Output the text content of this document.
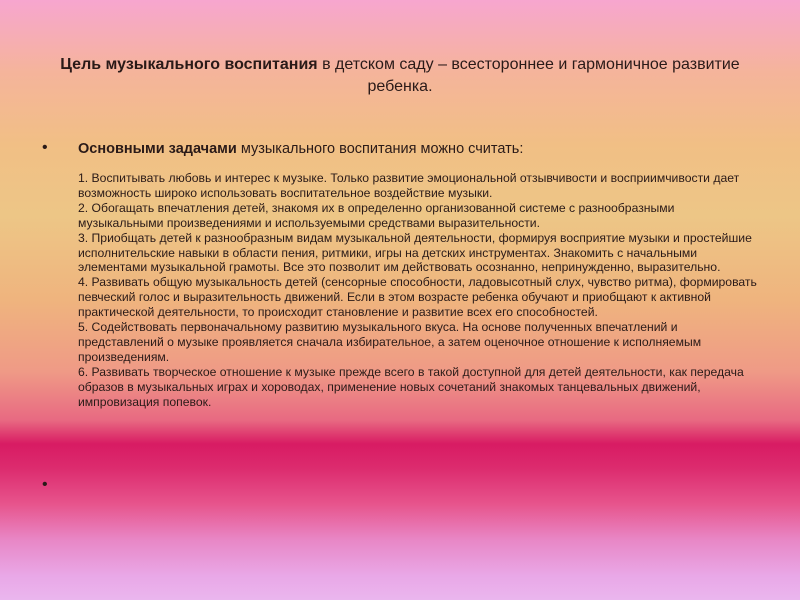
Цель музыкального воспитания в детском саду – всестороннее и гармоничное развитие ребенка.
• Основными задачами музыкального воспитания можно считать:

1. Воспитывать любовь и интерес к музыке. Только развитие эмоциональной отзывчивости и восприимчивости дает возможность широко использовать воспитательное воздействие музыки.

2. Обогащать впечатления детей, знакомя их в определенно организованной системе с разнообразными музыкальными произведениями и используемыми средствами выразительности.

3. Приобщать детей к разнообразным видам музыкальной деятельности, формируя восприятие музыки и простейшие исполнительские навыки в области пения, ритмики, игры на детских инструментах. Знакомить с начальными элементами музыкальной грамоты. Все это позволит им действовать осознанно, непринужденно, выразительно.

4. Развивать общую музыкальность детей (сенсорные способности, ладовысотный слух, чувство ритма), формировать певческий голос и выразительность движений. Если в этом возрасте ребенка обучают и приобщают к активной практической деятельности, то происходит становление и развитие всех его способностей.

5. Содействовать первоначальному развитию музыкального вкуса. На основе полученных впечатлений и представлений о музыке проявляется сначала избирательное, а затем оценочное отношение к исполняемым произведениям.

6. Развивать творческое отношение к музыке прежде всего в такой доступной для детей деятельности, как передача образов в музыкальных играх и хороводах, применение новых сочетаний знакомых танцевальных движений, импровизация попевок.

•
